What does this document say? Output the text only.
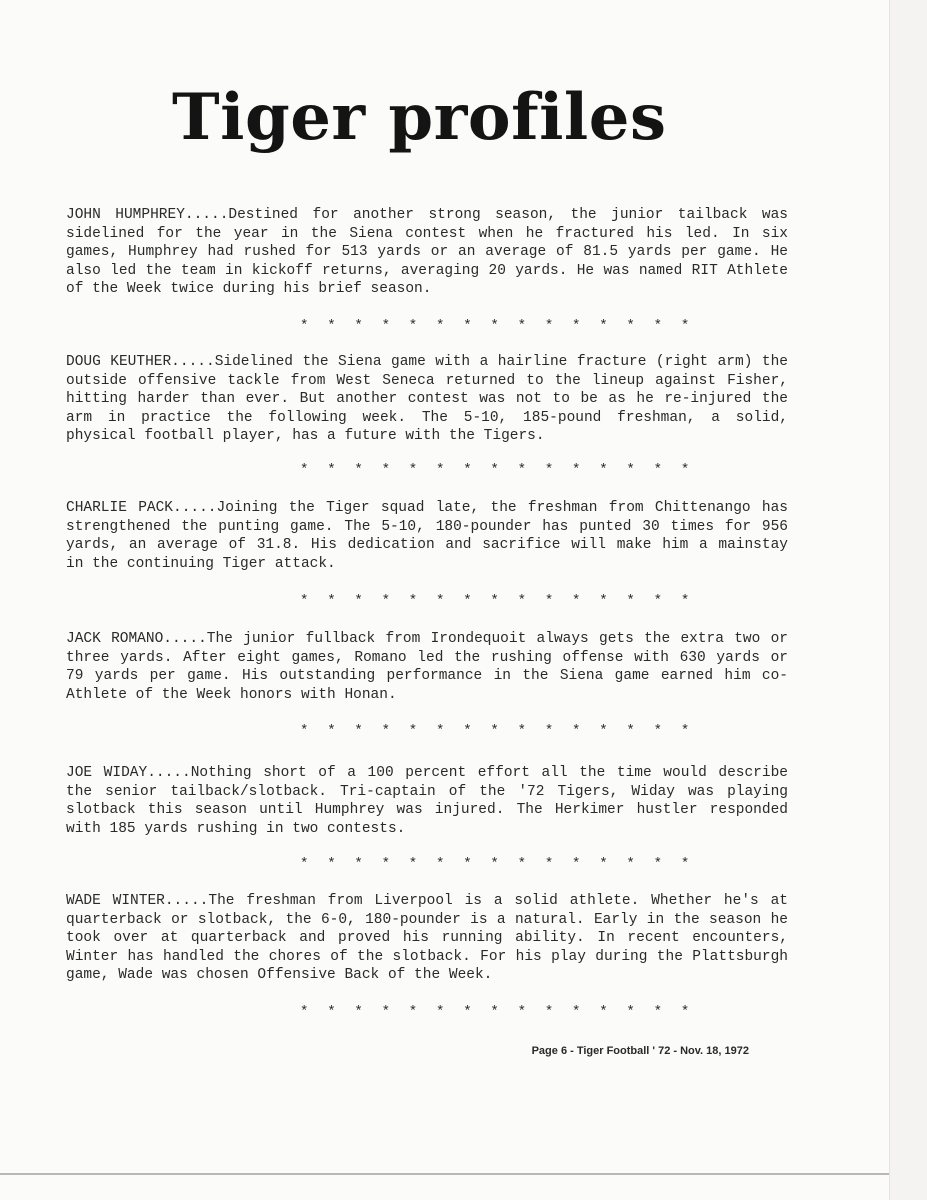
Tiger profiles

JOHN HUMPHREY.....Destined for another strong season, the junior tailback was sidelined for the year in the Siena contest when he fractured his led. In six games, Humphrey had rushed for 513 yards or an average of 81.5 yards per game. He also led the team in kickoff returns, averaging 20 yards. He was named RIT Athlete of the Week twice during his brief season.

* * * * * * * * * * * * * * *

DOUG KEUTHER.....Sidelined the Siena game with a hairline fracture (right arm) the outside offensive tackle from West Seneca returned to the lineup against Fisher, hitting harder than ever. But another contest was not to be as he re-injured the arm in practice the following week. The 5-10, 185-pound freshman, a solid, physical football player, has a future with the Tigers.

* * * * * * * * * * * * * * *

CHARLIE PACK.....Joining the Tiger squad late, the freshman from Chittenango has strengthened the punting game. The 5-10, 180-pounder has punted 30 times for 956 yards, an average of 31.8. His dedication and sacrifice will make him a mainstay in the continuing Tiger attack.

* * * * * * * * * * * * * * *

JACK ROMANO.....The junior fullback from Irondequoit always gets the extra two or three yards. After eight games, Romano led the rushing offense with 630 yards or 79 yards per game. His outstanding performance in the Siena game earned him co-Athlete of the Week honors with Honan.

* * * * * * * * * * * * * * *

JOE WIDAY.....Nothing short of a 100 percent effort all the time would describe the senior tailback/slotback. Tri-captain of the '72 Tigers, Widay was playing slotback this season until Humphrey was injured. The Herkimer hustler responded with 185 yards rushing in two contests.

* * * * * * * * * * * * * * *

WADE WINTER.....The freshman from Liverpool is a solid athlete. Whether he's at quarterback or slotback, the 6-0, 180-pounder is a natural. Early in the season he took over at quarterback and proved his running ability. In recent encounters, Winter has handled the chores of the slotback. For his play during the Plattsburgh game, Wade was chosen Offensive Back of the Week.

* * * * * * * * * * * * * * *
Page 6 - Tiger Football ' 72 - Nov. 18, 1972
